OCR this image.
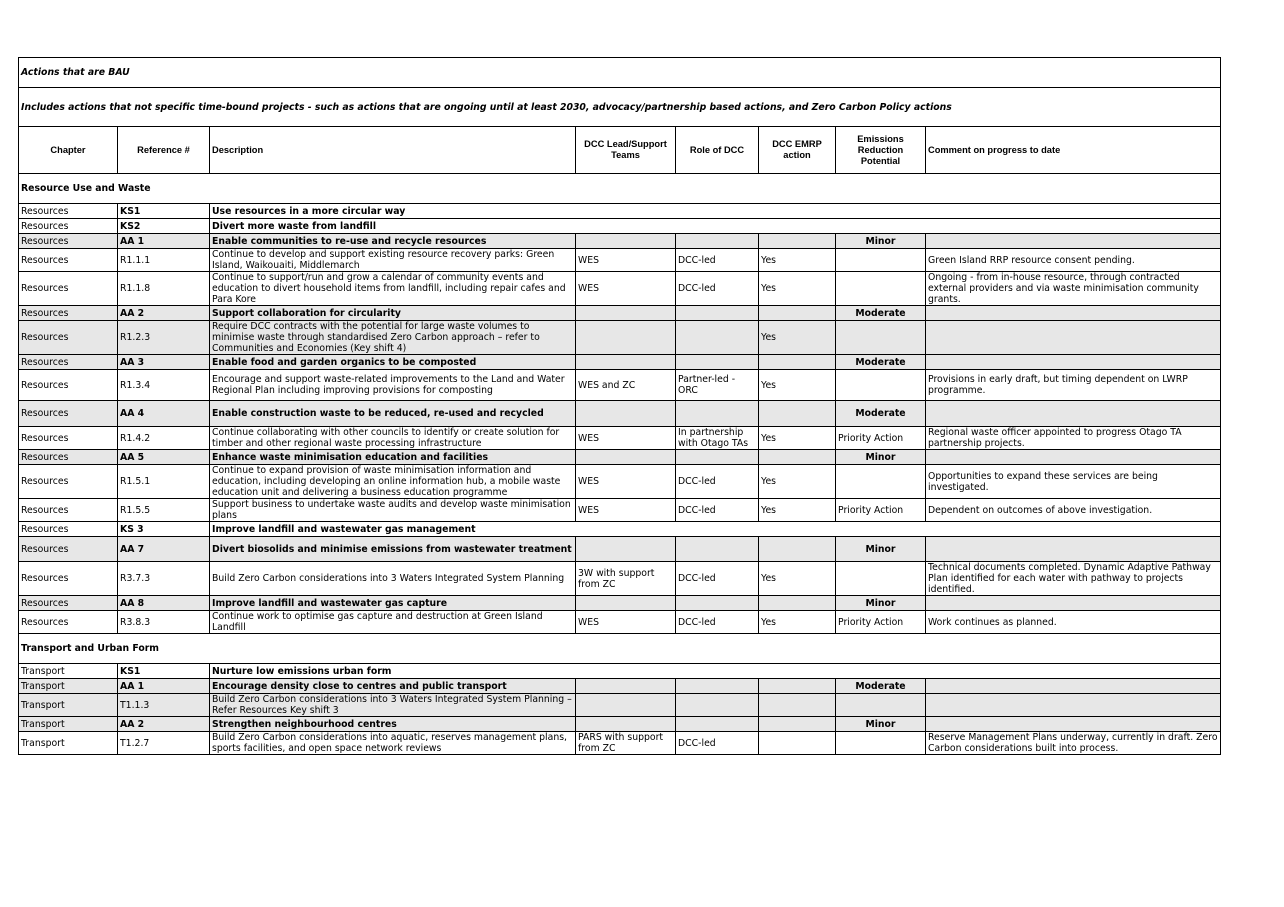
Actions that are BAU							
Includes actions that not specific time-bound projects - such as actions that are ongoing until at least 2030, advocacy/partnership based actions, and Zero Carbon Policy actions							
Chapter	Reference #	Description	DCC Lead/Support Teams	Role of DCC	DCC EMRP action	Emissions Reduction Potential	Comment on progress to date
Resource Use and Waste							
Resources	KS1	Use resources in a more circular way					
Resources	KS2	Divert more waste from landfill					
Resources	AA 1	Enable communities to re-use and recycle resources				Minor	
Resources	R1.1.1	Continue to develop and support existing resource recovery parks: Green Island, Waikouaiti, Middlemarch	WES	DCC-led	Yes		Green Island RRP resource consent pending.
Resources	R1.1.8	Continue to support/run and grow a calendar of community events and education to divert household items from landfill, including repair cafes and Para Kore	WES	DCC-led	Yes		Ongoing - from in-house resource, through contracted external providers and via waste minimisation community grants.
Resources	AA 2	Support collaboration for circularity				Moderate	
Resources	R1.2.3	Require DCC contracts with the potential for large waste volumes to minimise waste through standardised Zero Carbon approach – refer to Communities and Economies (Key shift 4)			Yes		
Resources	AA 3	Enable food and garden organics to be composted				Moderate	
Resources	R1.3.4	Encourage and support waste-related improvements to the Land and Water Regional Plan including improving provisions for composting	WES and ZC	Partner-led - ORC	Yes		Provisions in early draft, but timing dependent on LWRP programme.
Resources	AA 4	Enable construction waste to be reduced, re-used and recycled				Moderate	
Resources	R1.4.2	Continue collaborating with other councils to identify or create solution for timber and other regional waste processing infrastructure	WES	In partnership with Otago TAs	Yes	Priority Action	Regional waste officer appointed to progress Otago TA partnership projects.
Resources	AA 5	Enhance waste minimisation education and facilities				Minor	
Resources	R1.5.1	Continue to expand provision of waste minimisation information and education, including developing an online information hub, a mobile waste education unit and delivering a business education programme	WES	DCC-led	Yes		Opportunities to expand these services are being investigated.
Resources	R1.5.5	Support business to undertake waste audits and develop waste minimisation plans	WES	DCC-led	Yes	Priority Action	Dependent on outcomes of above investigation.
Resources	KS 3	Improve landfill and wastewater gas management					
Resources	AA 7	Divert biosolids and minimise emissions from wastewater treatment				Minor	
Resources	R3.7.3	Build Zero Carbon considerations into 3 Waters Integrated System Planning	3W with support from ZC	DCC-led	Yes		Technical documents completed. Dynamic Adaptive Pathway Plan identified for each water with pathway to projects identified.
Resources	AA 8	Improve landfill and wastewater gas capture				Minor	
Resources	R3.8.3	Continue work to optimise gas capture and destruction at Green Island Landfill	WES	DCC-led	Yes	Priority Action	Work continues as planned.
Transport and Urban Form							
Transport	KS1	Nurture low emissions urban form					
Transport	AA 1	Encourage density close to centres and public transport				Moderate	
Transport	T1.1.3	Build Zero Carbon considerations into 3 Waters Integrated System Planning – Refer Resources Key shift 3					
Transport	AA 2	Strengthen neighbourhood centres				Minor	
Transport	T1.2.7	Build Zero Carbon considerations into aquatic, reserves management plans, sports facilities, and open space network reviews	PARS with support from ZC	DCC-led			Reserve Management Plans underway, currently in draft. Zero Carbon considerations built into process.
